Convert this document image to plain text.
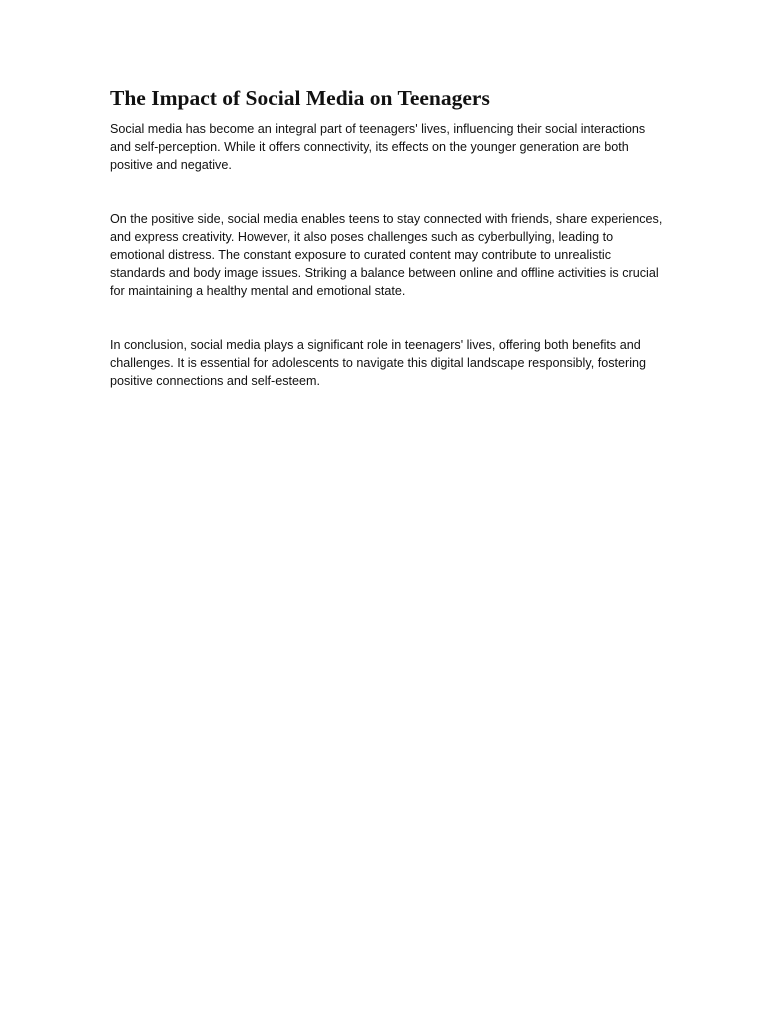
The Impact of Social Media on Teenagers

Social media has become an integral part of teenagers' lives, influencing their social interactions and self-perception. While it offers connectivity, its effects on the younger generation are both positive and negative.

On the positive side, social media enables teens to stay connected with friends, share experiences, and express creativity. However, it also poses challenges such as cyberbullying, leading to emotional distress. The constant exposure to curated content may contribute to unrealistic standards and body image issues. Striking a balance between online and offline activities is crucial for maintaining a healthy mental and emotional state.

In conclusion, social media plays a significant role in teenagers' lives, offering both benefits and challenges. It is essential for adolescents to navigate this digital landscape responsibly, fostering positive connections and self-esteem.
